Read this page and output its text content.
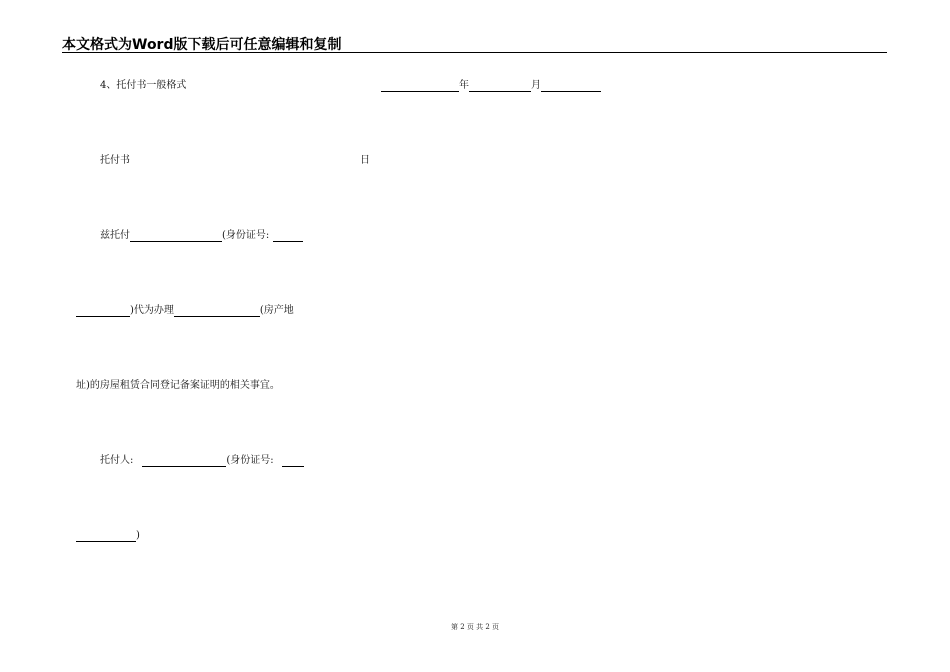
本文格式为Word版下载后可任意编辑和复制
4、托付书一般格式	年	月
托付书	日
兹托付	(身份证号:
)代为办理	(房产地
址)的房屋租赁合同登记备案证明的相关事宜。
托付人:	(身份证号:
)
第 2 页 共 2 页
